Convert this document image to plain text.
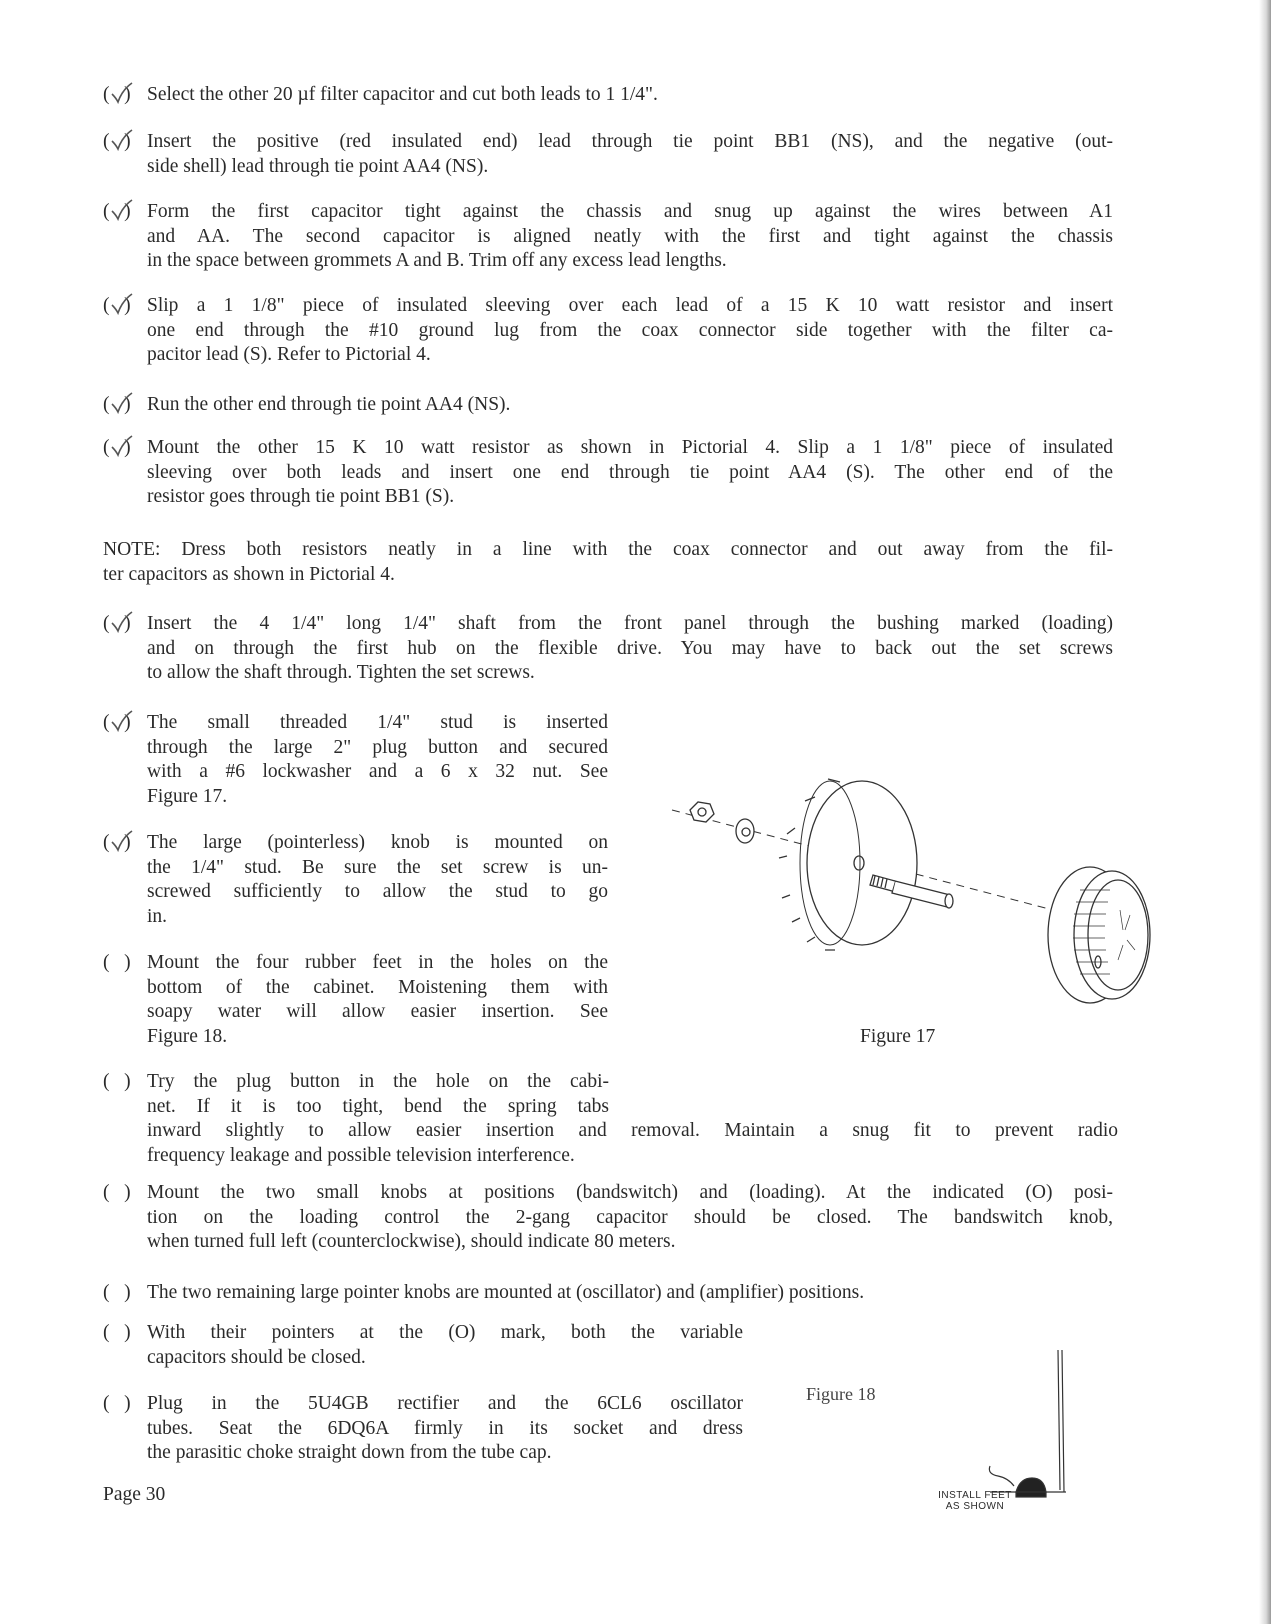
( ) Select the other 20 µf filter capacitor and cut both leads to 1 1/4".
( ) Insert the positive (red insulated end) lead through tie point BB1 (NS), and the negative (out-
side shell) lead through tie point AA4 (NS).
( ) Form the first capacitor tight against the chassis and snug up against the wires between A1
and AA. The second capacitor is aligned neatly with the first and tight against the chassis
in the space between grommets A and B. Trim off any excess lead lengths.
( ) Slip a 1 1/8" piece of insulated sleeving over each lead of a 15 K 10 watt resistor and insert
one end through the #10 ground lug from the coax connector side together with the filter ca-
pacitor lead (S). Refer to Pictorial 4.
( ) Run the other end through tie point AA4 (NS).
( ) Mount the other 15 K 10 watt resistor as shown in Pictorial 4. Slip a 1 1/8" piece of insulated
sleeving over both leads and insert one end through tie point AA4 (S). The other end of the
resistor goes through tie point BB1 (S).
( ) Insert the 4 1/4" long 1/4" shaft from the front panel through the bushing marked (loading)
and on through the first hub on the flexible drive. You may have to back out the set screws
to allow the shaft through. Tighten the set screws.
( ) The small threaded 1/4" stud is inserted
through the large 2" plug button and secured
with a #6 lockwasher and a 6 x 32 nut. See
Figure 17.
( ) The large (pointerless) knob is mounted on
the 1/4" stud. Be sure the set screw is un-
screwed sufficiently to allow the stud to go
in.
( ) Mount the four rubber feet in the holes on the
bottom of the cabinet. Moistening them with
soapy water will allow easier insertion. See
Figure 18.
( ) Try the plug button in the hole on the cabi-
net. If it is too tight, bend the spring tabs
inward slightly to allow easier insertion and removal. Maintain a snug fit to prevent radio
frequency leakage and possible television interference.
( ) Mount the two small knobs at positions (bandswitch) and (loading). At the indicated (O) posi-
tion on the loading control the 2-gang capacitor should be closed. The bandswitch knob,
when turned full left (counterclockwise), should indicate 80 meters.
( ) The two remaining large pointer knobs are mounted at (oscillator) and (amplifier) positions.
( ) With their pointers at the (O) mark, both the variable
capacitors should be closed.
( ) Plug in the 5U4GB rectifier and the 6CL6 oscillator
tubes. Seat the 6DQ6A firmly in its socket and dress
the parasitic choke straight down from the tube cap.
NOTE: Dress both resistors neatly in a line with the coax connector and out away from the fil-
ter capacitors as shown in Pictorial 4.
Figure 17
Figure 18
INSTALL FEET
AS SHOWN
Page 30
